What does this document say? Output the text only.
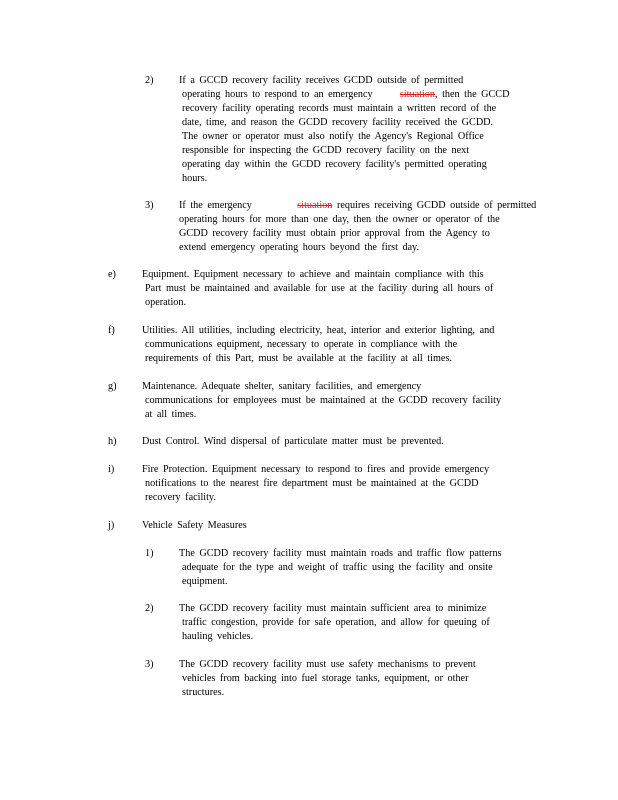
2)	If a GCCD recovery facility receives GCDD outside of permitted
operating hours to respond to an emergency	situation, then the GCCD
recovery facility operating records must maintain a written record of the
date, time, and reason the GCDD recovery facility received the GCDD.
The owner or operator must also notify the Agency's Regional Office
responsible for inspecting the GCDD recovery facility on the next
operating day within the GCDD recovery facility's permitted operating
hours.
3)	If the emergency	situation requires receiving GCDD outside of permitted
operating hours for more than one day, then the owner or operator of the
GCDD recovery facility must obtain prior approval from the Agency to
extend emergency operating hours beyond the first day.
e)	Equipment. Equipment necessary to achieve and maintain compliance with this
Part must be maintained and available for use at the facility during all hours of
operation.
f)	Utilities. All utilities, including electricity, heat, interior and exterior lighting, and
communications equipment, necessary to operate in compliance with the
requirements of this Part, must be available at the facility at all times.
g)	Maintenance. Adequate shelter, sanitary facilities, and emergency
communications for employees must be maintained at the GCDD recovery facility
at all times.
h)	Dust Control. Wind dispersal of particulate matter must be prevented.
i)	Fire Protection. Equipment necessary to respond to fires and provide emergency
notifications to the nearest fire department must be maintained at the GCDD
recovery facility.
j)	Vehicle Safety Measures
1)	The GCDD recovery facility must maintain roads and traffic flow patterns
adequate for the type and weight of traffic using the facility and onsite
equipment.
2)	The GCDD recovery facility must maintain sufficient area to minimize
traffic congestion, provide for safe operation, and allow for queuing of
hauling vehicles.
3)	The GCDD recovery facility must use safety mechanisms to prevent
vehicles from backing into fuel storage tanks, equipment, or other
structures.
